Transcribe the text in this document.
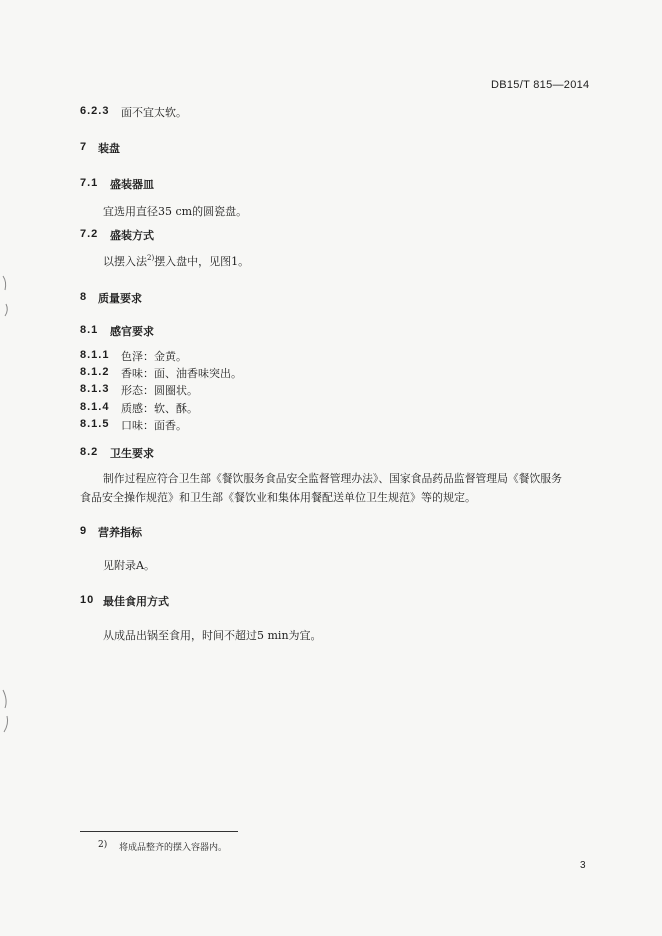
DB15/T 815—2014
6.2.3 面不宜太软。
7 装盘
7.1 盛装器皿
宜选用直径35 cm的圆瓷盘。
7.2 盛装方式
以摆入法$^{2)}$摆入盘中，见图1。
8 质量要求
8.1 感官要求
8.1.1 色泽：金黄。
8.1.2 香味：面、油香味突出。
8.1.3 形态：圆圈状。
8.1.4 质感：软、酥。
8.1.5 口味：面香。
8.2 卫生要求
制作过程应符合卫生部《餐饮服务食品安全监督管理办法》、国家食品药品监督管理局《餐饮服务
食品安全操作规范》和卫生部《餐饮业和集体用餐配送单位卫生规范》等的规定。
9 营养指标
见附录A。
10 最佳食用方式
从成品出锅至食用，时间不超过5 min为宜。
2) 将成品整齐的摆入容器内。
3
